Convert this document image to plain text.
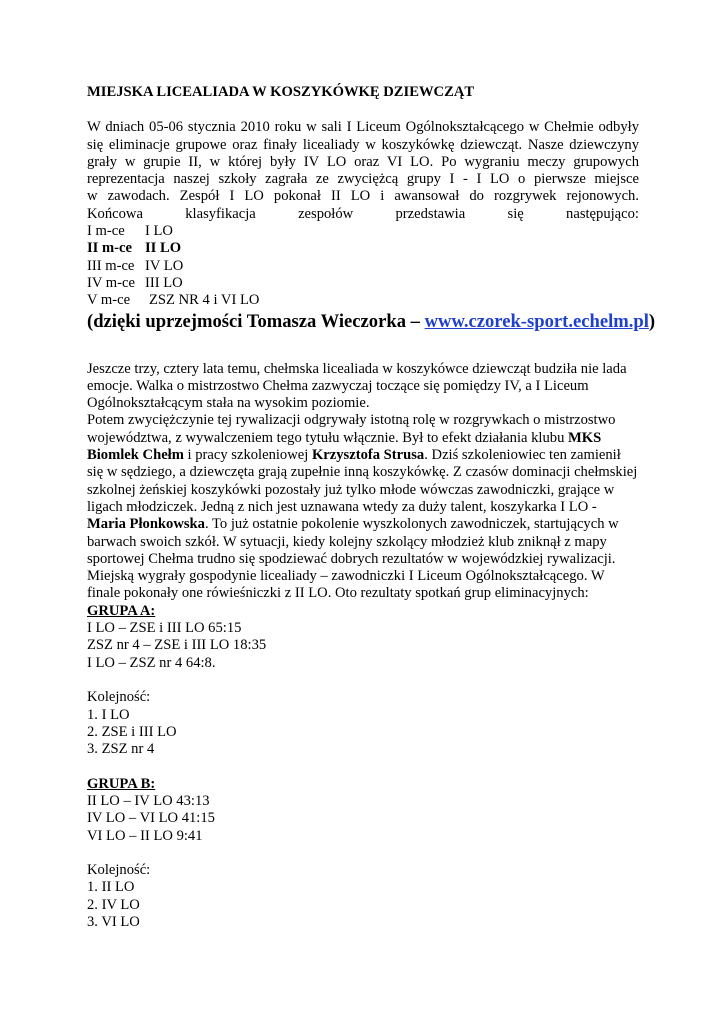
MIEJSKA LICEALIADA W KOSZYKÓWKĘ DZIEWCZĄT
W dniach 05-06 stycznia 2010 roku w sali I Liceum Ogólnokształcącego w Chełmie odbyły
się eliminacje grupowe oraz finały licealiady w koszykówkę dziewcząt. Nasze dziewczyny
grały w grupie II, w której były IV LO oraz VI LO. Po wygraniu meczy grupowych
reprezentacja naszej szkoły zagrała ze zwyciężcą grupy I - I LO o pierwsze miejsce
w zawodach. Zespół I LO pokonał II LO i awansował do rozgrywek rejonowych.
Końcowa klasyfikacja zespołów przedstawia się następująco:
I m-ce I LO
II m-ce II LO
III m-ce IV LO
IV m-ce III LO
V m-ce ZSZ NR 4 i VI LO
(dzięki uprzejmości Tomasza Wieczorka – www.czorek-sport.echelm.pl)
Jeszcze trzy, cztery lata temu, chełmska licealiada w koszykówce dziewcząt budziła nie lada
emocje. Walka o mistrzostwo Chełma zazwyczaj toczące się pomiędzy IV, a I Liceum
Ogólnokształcącym stała na wysokim poziomie.
Potem zwyciężczynie tej rywalizacji odgrywały istotną rolę w rozgrywkach o mistrzostwo
województwa, z wywalczeniem tego tytułu włącznie. Był to efekt działania klubu MKS
Biomlek Chełm i pracy szkoleniowej Krzysztofa Strusa. Dziś szkoleniowiec ten zamienił
się w sędziego, a dziewczęta grają zupełnie inną koszykówkę. Z czasów dominacji chełmskiej
szkolnej żeńskiej koszykówki pozostały już tylko młode wówczas zawodniczki, grające w
ligach młodziczek. Jedną z nich jest uznawana wtedy za duży talent, koszykarka I LO -
Maria Płonkowska. To już ostatnie pokolenie wyszkolonych zawodniczek, startujących w
barwach swoich szkół. W sytuacji, kiedy kolejny szkolący młodzież klub zniknął z mapy
sportowej Chełma trudno się spodziewać dobrych rezultatów w wojewódzkiej rywalizacji.
Miejską wygrały gospodynie licealiady – zawodniczki I Liceum Ogólnokształcącego. W
finale pokonały one rówieśniczki z II LO. Oto rezultaty spotkań grup eliminacyjnych:
GRUPA A:
I LO – ZSE i III LO 65:15
ZSZ nr 4 – ZSE i III LO 18:35
I LO – ZSZ nr 4 64:8.
Kolejność:
1. I LO
2. ZSE i III LO
3. ZSZ nr 4
GRUPA B:
II LO – IV LO 43:13
IV LO – VI LO 41:15
VI LO – II LO 9:41
Kolejność:
1. II LO
2. IV LO
3. VI LO
